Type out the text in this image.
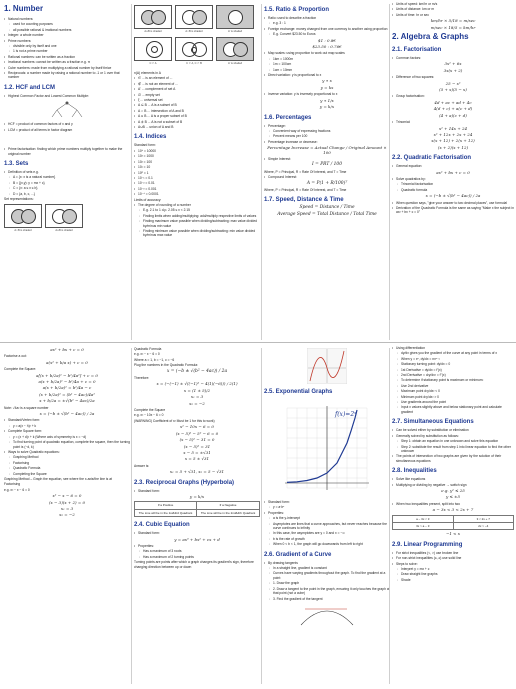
1. Number
• Natural numbers:
◦ used for counting purposes
◦ all possible rational & irrational numbers
• Integer: a whole number
• Prime numbers:
◦ divisible only by itself and one
◦ 1 is not a prime number
• Rational numbers: can be written as a fraction
• Irrational numbers: cannot be written as a fraction e.g. π
• Cube numbers: made from multiplying a rational number by itself thrice
• Reciprocals: a number made by raising a rational number to -1 or 1 over that number
1.2. HCF and LCM
• Highest Common Factor and Lowest Common Multiple:
• HCF = product of common factors of x and y
• LCM = product of all terms in factor diagram
• Prime factorisation: finding which prime numbers multiply together to make the original number
1.3. Sets
• Definition of sets e.g.
◦ A = {x: x is a natural number}
◦ B = {(x,y): y = mx + c}
◦ C = {x: a ≤ x ≤ b}
◦ D = {a, b, c, ...}
Set representations:
A∩B is shaded	A∪B is shaded
A∪B is shaded	A∩B is shaded	A' is shaded
C ⊂ A	C ⊂ A, C ⊂ B	A' is shaded
n(A) elements in A
• ∈ ... is an element of ...
• ∉ ... is not an element of ...
• A' ... complement of set A
• ∅ ... empty set
• ξ ... universal set
• A ⊆ B ... A is a subset of B
• A ∩ B ... intersection of A and B
• A ∪ B ... A is a proper subset of B
• A ⊄ B ... A is not a subset of B
• A∪B ... union of A and B
1.4. Indices
Standard form:
• 10⁴ = 10000
• 10³ = 1000
• 10² = 100
• 10¹ = 10
• 10⁰ = 1
• 10⁻¹ = 0.1
• 10⁻² = 0.01
• 10⁻³ = 0.001
• 10⁻⁴ = 0.0001
Limits of accuracy:
• The degree of rounding of a number
◦ E.g. 2.1 to 1 d.p. 2.05 ≤ x < 2.15
◦ Finding limits when adding/multiplying: add/multiply respective limits of values
◦ Finding maximum value possible when dividing/subtracting: max value divided by/minus min value
◦ Finding minimum value possible when dividing/subtracting: min value divided by/minus max value
1.5. Ratio & Proportion
• Ratio: used to describe a fraction
◦ e.g. 3 : 1
• Foreign exchange: money changed from one currency to another using proportion
◦ E.g. Convert $23.50 to Euros
$1 : 0.8€
$23.50 : 0.76€
• Map scales: using proportion to work out map scales
◦ 1km = 1000m
◦ 1m = 100cm
◦ 1cm = 10mm
• Direct variation: y is proportional to x
y ∝ x
y = kx
• Inverse variation: y is inversely proportional to x
y ∝ 1/x
y = k/x
1.6. Percentages
• Percentage:
◦ Convenient way of expressing fractions
◦ Percent means per 100
• Percentage increase or decrease:
Percentage Increase = Actual Change / Original Amount × 100
• Simple Interest:
I = PRT / 100
Where, P = Principal, R = Rate Of Interest, and T = Time
• Compound Interest:
A = P(1 + R/100)ᵀ
Where, P = Principal, R = Rate Of Interest, and T = Time
1.7. Speed, Distance & Time
Speed = Distance / Time
Average Speed = Total Distance / Total Time
• Units of speed: km/hr or m/s
• Units of distance: km or m
• Units of time: hr or sec
km/hr × 5/18 = m/sec
m/sec × 18/5 = km/hr
2. Algebra & Graphs
2.1. Factorisation
• Common factors:
3x² + 6x
3x(x + 2)
• Difference of two squares:
25 − x²
(5 + x)(5 − x)
• Group factorisation:
4d + ac + ad + 4c
4(d + c) + a(c + d)
(4 + a)(c + d)
• Trinomial:
x² + 14x + 24
x² + 12x + 2x + 24
x(x + 12) + 2(x + 12)
(x + 2)(x + 12)
2.2. Quadratic Factorisation
• General equation:
ax² + bx + c = 0
• Solve quadratics by:
◦ Trinomial factorisation
◦ Quadratic formula
x = (−b ± √(b² − 4ac)) / 2a
• When question says, "give your answer to two decimal places", use formula!
• Derivation of the Quadratic Formula is the same as saying "Make x the subject in ax² + bx + c = 0"
ax² + bx + c = 0
Factorise a out:
a(x² + b/a x) + c = 0
Complete the Square:
a[(x + b/2a)² − b²/4a²] + c = 0
a(x + b/2a)² − b²/4a + c = 0
a(x + b/2a)² = b²/4a − c
(x + b/2a)² = (b² − 4ac)/4a²
x + b/2a = ±√(b² − 4ac)/2a
Note: √4a² is a square number
x = (−b ± √(b² − 4ac)) / 2a
• Standard/Vertex form:
◦ y = a(x − h)² + k
• Complete Square form:
◦ y = (x + d)² + k (Where axis of symmetry is x = −d)
◦ To find turning point of quadratic equation, complete the square, then the turning point is (−d, k)
• Ways to solve Quadratic equations:
◦ Graphing Method
◦ Factorising
◦ Quadratic Formula
◦ Completing the Square
Graphing Method – Graph the equation, see where the x-axis/the line is at
Factorising
e.g. x² − x − 6 = 0
x² − x − 6 = 0
(x − 3)(x + 2) = 0
x₁ = 3
x₂ = −2
Quadratic Formula
e.g. x² − x − 6 = 0
Where a = 1, b = −1, c = −6
Plug the numbers in the Quadratic Formula:
x = (−b ± √(b² − 4ac)) / 2a
Therefore:
x = (−(−1) ± √((−1)² − 4(1)(−6))) / 2(1)
x = (1 ± 5)/2
x₁ = 3
x₂ = −2
Complete the Square
e.g. x² − 10x − 6 = 0
(WARNING) Coefficient of x² Must be 1 for this to work)
x² − 10x − 6 = 0
(x − 5)² − 5² − 6 = 0
(x − 5)² − 31 = 0
(x − 5)² = 31
x − 5 = ±√31
x = 5 ± √31
Answer is:
x₁ = 5 + √31, x₂ = 5 − √31
2.3. Reciprocal Graphs (Hyperbola)
• Standard form:
y = k/x
If a Positive	If a Negative
The Line will be in the 1st&3rd Quadrant	The Line will be in the 2nd&4th Quadrant
2.4. Cubic Equation
• Standard form:
y = ax³ + bx² + cx + d
• Properties:
◦ Has a maximum of 3 roots
◦ Has a maximum of 2 turning points
Turning points are points after which a graph changes its gradient's sign, therefore changing direction between up or down
2.5. Exponential Graphs
f(x)=2ˣ
• Standard form:
◦ y = a·bˣ
• Properties:
◦ a is the y-intercept
◦ Asymptotes are lines that a curve approaches, but never reaches because the curve continues to infinity
◦ In this case, the asymptotes are y = 0 and x = −∞
◦ b is the rate of growth
◦ When 0 < b < 1, the graph will go downwards from left to right
2.6. Gradient of a Curve
• By drawing tangents
◦ In a straight line, gradient is constant
◦ Curves have varying gradients throughout the graph. To find the gradient at a point:
◦ 1. Draw the graph
◦ 2. Draw a tangent to the point in the graph, ensuring it only touches the graph at that point (not a cube)
◦ 3. Find the gradient of the tangent
• Using differentiation
◦ dy/dx gives you the gradient of the curve at any point in terms of x
◦ When y = xⁿ, dy/dx = nxⁿ⁻¹
◦ Stationary turning point: dy/dx = 0
◦ 1st Derivative = dy/dx = f'(x)
◦ 2nd Derivative = d²y/dx² = f''(x)
◦ To determine if stationary point is maximum or minimum:
◦ Use 2nd derivative
◦ Maximum point d²y/dx² < 0
◦ Minimum point d²y/dx² > 0
◦ Use gradients around the point
◦ Input x values slightly above and below stationary point and calculate gradient
2.7. Simultaneous Equations
• Can be solved either by substitution or elimination
• Generally solved by substitution as follows:
◦ Step 1: obtain an equation in one unknown and solve this equation
◦ Step 2: substitute the result from step 1 into linear equation to find the other unknown
• The points of intersection of two graphs are given by the solution of their simultaneous equations
2.8. Inequalities
• Solve like equations
• Multiplying or dividing by negative → switch sign
e.g. y² ≤ 25
y ≤ ±5
• When two inequalities present, split into two
a − 3x < 3 < 2x + 7
a − 3x < 3	3 < 2x + 7
3x > a − 3	2x > −4
−1 < x
2.9. Linear Programming
• For strict inequalities (<, >) use broken line
• For non-strict inequalities (≤, ≥) use solid line
• Steps to solve:
◦ Interpret y = mx + c
◦ Draw straight line graphs
◦ Shade
